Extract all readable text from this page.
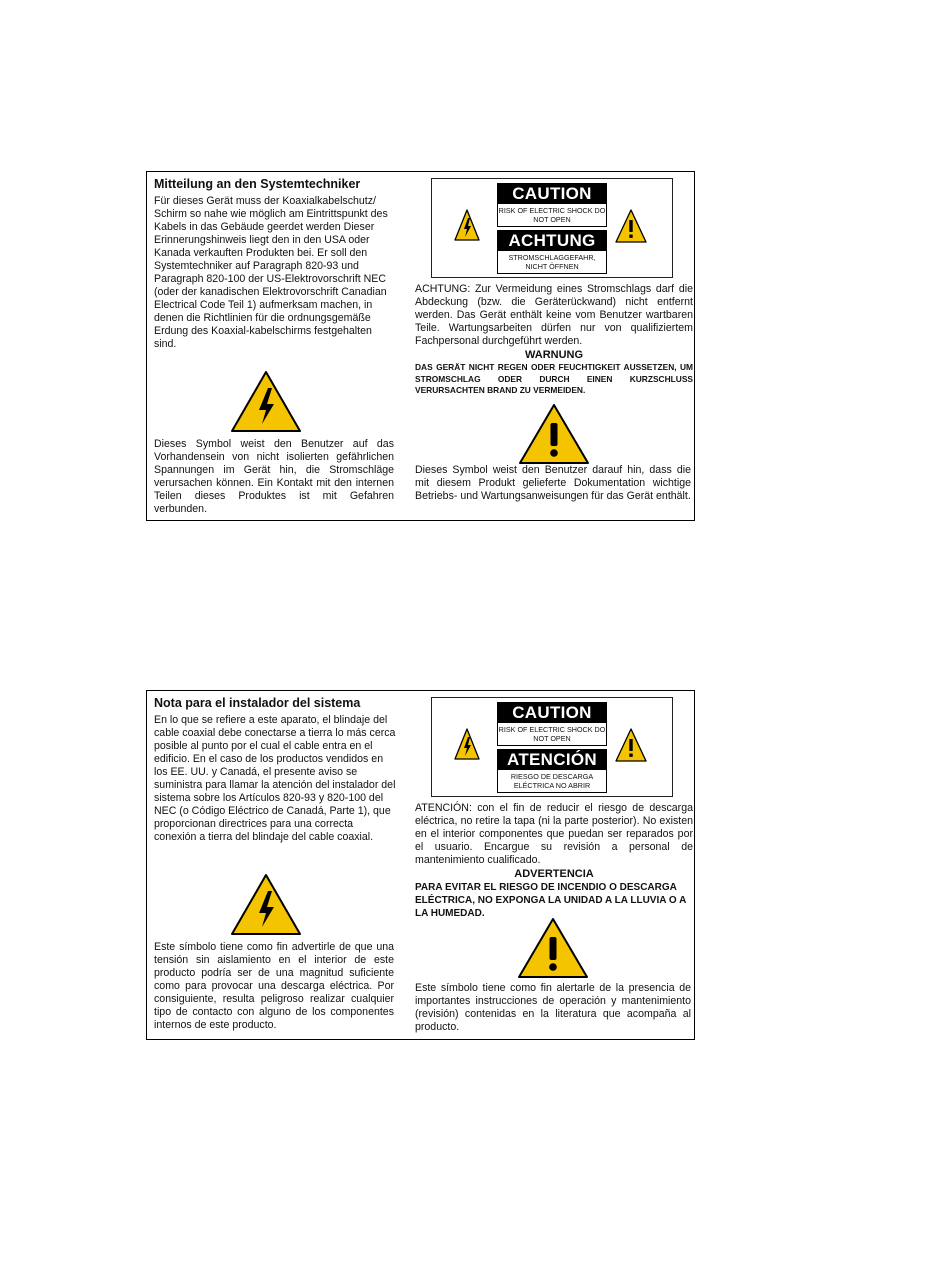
Mitteilung an den Systemtechniker

Für dieses Gerät muss der Koaxialkabelschutz/ Schirm so nahe wie möglich am Eintrittspunkt des Kabels in das Gebäude geerdet werden Dieser Erinnerungshinweis liegt den in den USA oder Kanada verkauften Produkten bei. Er soll den Systemtechniker auf Paragraph 820-93 und Paragraph 820-100 der US-Elektrovorschrift NEC (oder der kanadischen Elektrovorschrift Canadian Electrical Code Teil 1) aufmerksam machen, in denen die Richtlinien für die ordnungsgemäße Erdung des Koaxial-kabelschirms festgehalten sind.

Dieses Symbol weist den Benutzer auf das Vorhandensein von nicht isolierten gefährlichen Spannungen im Gerät hin, die Stromschläge verursachen können. Ein Kontakt mit den internen Teilen dieses Produktes ist mit Gefahren verbunden.

CAUTION
RISK OF ELECTRIC SHOCK DO NOT OPEN
ACHTUNG
STROMSCHLAGGEFAHR, NICHT ÖFFNEN

ACHTUNG: Zur Vermeidung eines Stromschlags darf die Abdeckung (bzw. die Geräterückwand) nicht entfernt werden. Das Gerät enthält keine vom Benutzer wartbaren Teile. Wartungsarbeiten dürfen nur von qualifiziertem Fachpersonal durchgeführt werden.

WARNUNG

DAS GERÄT NICHT REGEN ODER FEUCHTIGKEIT AUSSETZEN, UM STROMSCHLAG ODER DURCH EINEN KURZSCHLUSS VERURSACHTEN BRAND ZU VERMEIDEN.

Dieses Symbol weist den Benutzer darauf hin, dass die mit diesem Produkt gelieferte Dokumentation wichtige Betriebs- und Wartungsanweisungen für das Gerät enthält.

Nota para el instalador del sistema

En lo que se refiere a este aparato, el blindaje del cable coaxial debe conectarse a tierra lo más cerca posible al punto por el cual el cable entra en el edificio. En el caso de los productos vendidos en los EE. UU. y Canadá, el presente aviso se suministra para llamar la atención del instalador del sistema sobre los Artículos 820-93 y 820-100 del NEC (o Código Eléctrico de Canadá, Parte 1), que proporcionan directrices para una correcta conexión a tierra del blindaje del cable coaxial.

Este símbolo tiene como fin advertirle de que una tensión sin aislamiento en el interior de este producto podría ser de una magnitud suficiente como para provocar una descarga eléctrica. Por consiguiente, resulta peligroso realizar cualquier tipo de contacto con alguno de los componentes internos de este producto.

CAUTION
RISK OF ELECTRIC SHOCK DO NOT OPEN
ATENCIÓN
RIESGO DE DESCARGA ELÉCTRICA NO ABRIR

ATENCIÓN: con el fin de reducir el riesgo de descarga eléctrica, no retire la tapa (ni la parte posterior). No existen en el interior componentes que puedan ser reparados por el usuario. Encargue su revisión a personal de mantenimiento cualificado.

ADVERTENCIA

PARA EVITAR EL RIESGO DE INCENDIO O DESCARGA ELÉCTRICA, NO EXPONGA LA UNIDAD A LA LLUVIA O A LA HUMEDAD.

Este símbolo tiene como fin alertarle de la presencia de importantes instrucciones de operación y mantenimiento (revisión) contenidas en la literatura que acompaña al producto.
